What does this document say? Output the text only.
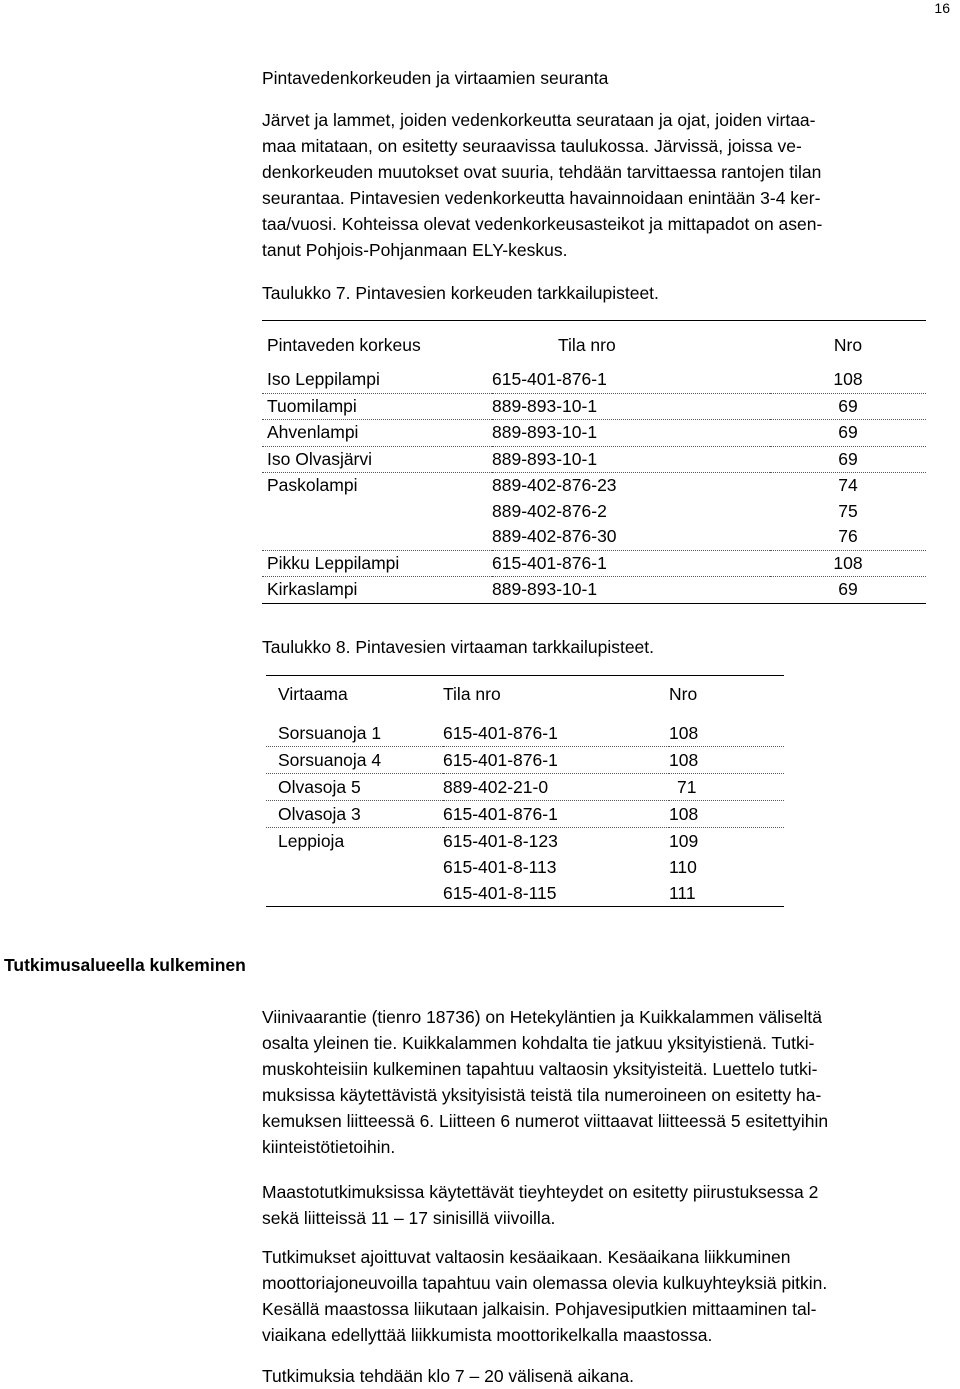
16
Pintavedenkorkeuden ja virtaamien seuranta
Järvet ja lammet, joiden vedenkorkeutta seurataan ja ojat, joiden virtaa-
maa mitataan, on esitetty seuraavissa taulukossa. Järvissä, joissa ve-
denkorkeuden muutokset ovat suuria, tehdään tarvittaessa rantojen tilan
seurantaa. Pintavesien vedenkorkeutta havainnoidaan enintään 3-4 ker-
taa/vuosi. Kohteissa olevat vedenkorkeusasteikot ja mittapadot on asen-
tanut Pohjois-Pohjanmaan ELY-keskus.
Taulukko 7. Pintavesien korkeuden tarkkailupisteet.
Pintaveden korkeus	Tila nro	Nro
Iso Leppilampi	615-401-876-1	108
Tuomilampi	889-893-10-1	69
Ahvenlampi	889-893-10-1	69
Iso Olvasjärvi	889-893-10-1	69
Paskolampi	889-402-876-23	74
	889-402-876-2	75
	889-402-876-30	76
Pikku Leppilampi	615-401-876-1	108
Kirkaslampi	889-893-10-1	69
Taulukko 8. Pintavesien virtaaman tarkkailupisteet.
Virtaama	Tila nro	Nro

Sorsuanoja 1	615-401-876-1	108
Sorsuanoja 4	615-401-876-1	108
Olvasoja 5	889-402-21-0	71
Olvasoja 3	615-401-876-1	108
Leppioja	615-401-8-123	109
	615-401-8-113	110
	615-401-8-115	111
Tutkimusalueella kulkeminen
Viinivaarantie (tienro 18736) on Hetekyläntien ja Kuikkalammen väliseltä
osalta yleinen tie. Kuikkalammen kohdalta tie jatkuu yksityistienä. Tutki-
muskohteisiin kulkeminen tapahtuu valtaosin yksityisteitä. Luettelo tutki-
muksissa käytettävistä yksityisistä teistä tila numeroineen on esitetty ha-
kemuksen liitteessä 6. Liitteen 6 numerot viittaavat liitteessä 5 esitettyihin
kiinteistötietoihin.
Maastotutkimuksissa käytettävät tieyhteydet on esitetty piirustuksessa 2
sekä liitteissä 11 – 17 sinisillä viivoilla.
Tutkimukset ajoittuvat valtaosin kesäaikaan. Kesäaikana liikkuminen
moottoriajoneuvoilla tapahtuu vain olemassa olevia kulkuyhteyksiä pitkin.
Kesällä maastossa liikutaan jalkaisin. Pohjavesiputkien mittaaminen tal-
viaikana edellyttää liikkumista moottorikelkalla maastossa.
Tutkimuksia tehdään klo 7 – 20 välisenä aikana.
